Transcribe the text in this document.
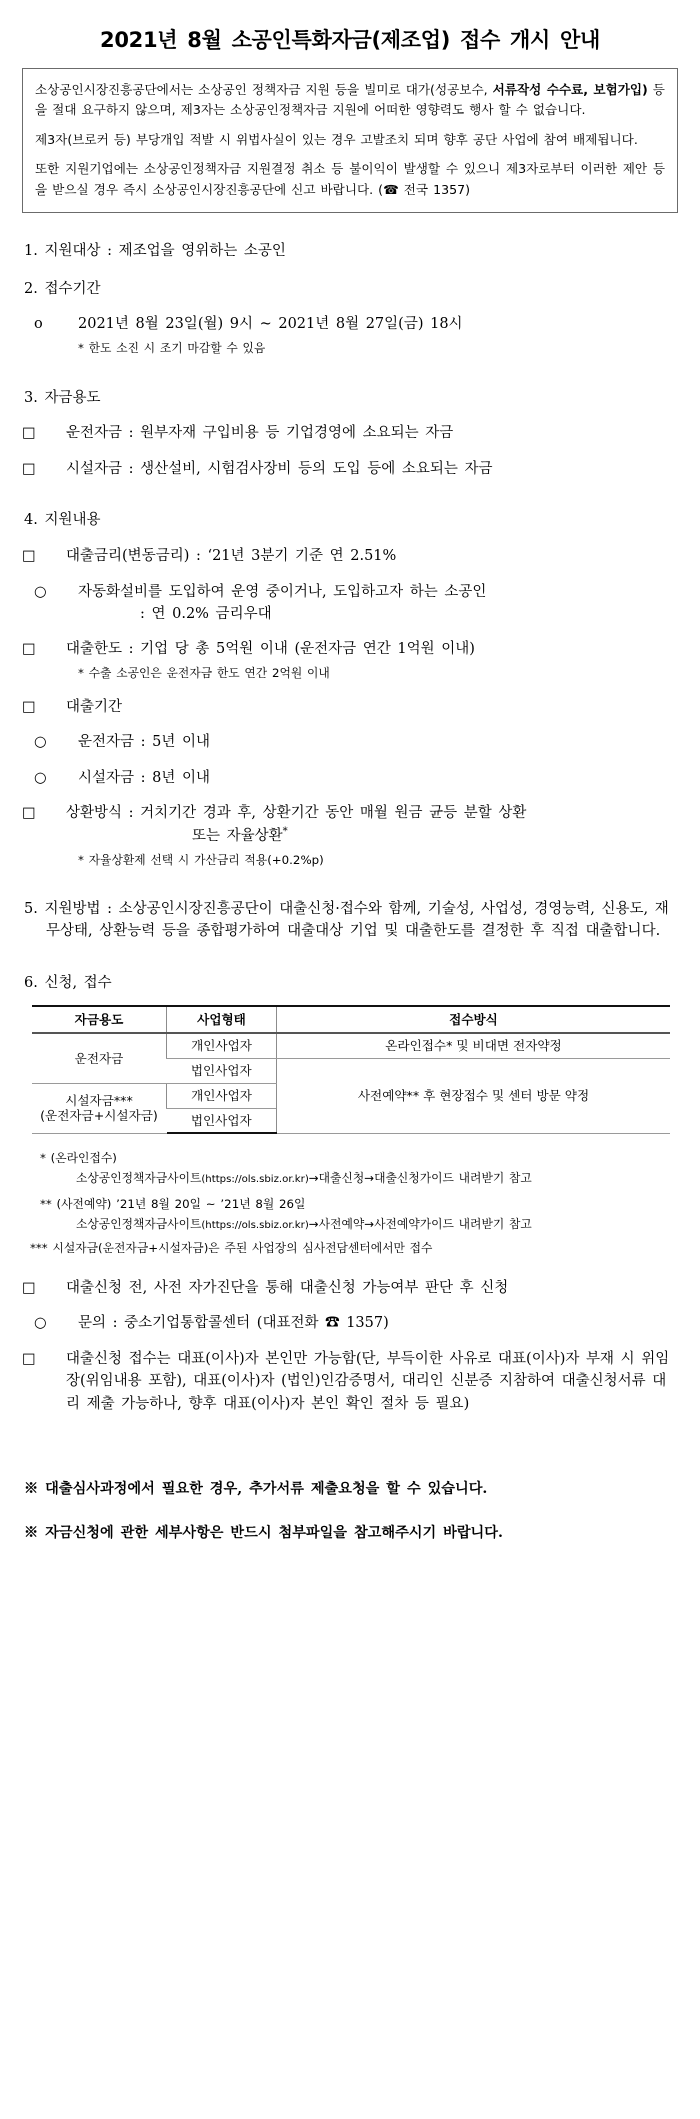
2021년 8월 소공인특화자금(제조업) 접수 개시 안내

소상공인시장진흥공단에서는 소상공인 정책자금 지원 등을 빌미로 대가(성공보수, 서류작성 수수료, 보험가입) 등을 절대 요구하지 않으며, 제3자는 소상공인정책자금 지원에 어떠한 영향력도 행사 할 수 없습니다.

제3자(브로커 등) 부당개입 적발 시 위법사실이 있는 경우 고발조치 되며 향후 공단 사업에 참여 배제됩니다.

또한 지원기업에는 소상공인정책자금 지원결정 취소 등 불이익이 발생할 수 있으니 제3자로부터 이러한 제안 등을 받으실 경우 즉시 소상공인시장진흥공단에 신고 바랍니다. (☎ 전국 1357)

1. 지원대상 : 제조업을 영위하는 소공인
2. 접수기간
ο 2021년 8월 23일(월) 9시 ~ 2021년 8월 27일(금) 18시
* 한도 소진 시 조기 마감할 수 있음
3. 자금용도
□ 운전자금 : 원부자재 구입비용 등 기업경영에 소요되는 자금
□ 시설자금 : 생산설비, 시험검사장비 등의 도입 등에 소요되는 자금
4. 지원내용
□ 대출금리(변동금리) : ‘21년 3분기 기준 연 2.51%
○ 자동화설비를 도입하여 운영 중이거나, 도입하고자 하는 소공인
: 연 0.2% 금리우대
□ 대출한도 : 기업 당 총 5억원 이내 (운전자금 연간 1억원 이내)
* 수출 소공인은 운전자금 한도 연간 2억원 이내
□ 대출기간
○ 운전자금 : 5년 이내
○ 시설자금 : 8년 이내
□ 상환방식 : 거치기간 경과 후, 상환기간 동안 매월 원금 균등 분할 상환
또는 자율상환*
* 자율상환제 선택 시 가산금리 적용(+0.2%p)
5. 지원방법 : 소상공인시장진흥공단이 대출신청·접수와 함께, 기술성, 사업성, 경영능력, 신용도, 재무상태, 상환능력 등을 종합평가하여 대출대상 기업 및 대출한도를 결정한 후 직접 대출합니다.
6. 신청, 접수
자금용도	사업형태	접수방식
운전자금	개인사업자	온라인접수* 및 비대면 전자약정
	법인사업자	사전예약** 후 현장접수 및 센터 방문 약정
시설자금***
(운전자금+시설자금)	개인사업자	
	법인사업자	
* (온라인접수)
소상공인정책자금사이트(https://ols.sbiz.or.kr)→대출신청→대출신청가이드 내려받기 참고
** (사전예약) ’21년 8월 20일 ~ ’21년 8월 26일
소상공인정책자금사이트(https://ols.sbiz.or.kr)→사전예약→사전예약가이드 내려받기 참고
*** 시설자금(운전자금+시설자금)은 주된 사업장의 심사전담센터에서만 접수
□ 대출신청 전, 사전 자가진단을 통해 대출신청 가능여부 판단 후 신청
○ 문의 : 중소기업통합콜센터 (대표전화 ☎ 1357)
□ 대출신청 접수는 대표(이사)자 본인만 가능함(단, 부득이한 사유로 대표(이사)자 부재 시 위임장(위임내용 포함), 대표(이사)자 (법인)인감증명서, 대리인 신분증 지참하여 대출신청서류 대리 제출 가능하나, 향후 대표(이사)자 본인 확인 절차 등 필요)
※ 대출심사과정에서 필요한 경우, 추가서류 제출요청을 할 수 있습니다.
※ 자금신청에 관한 세부사항은 반드시 첨부파일을 참고해주시기 바랍니다.
